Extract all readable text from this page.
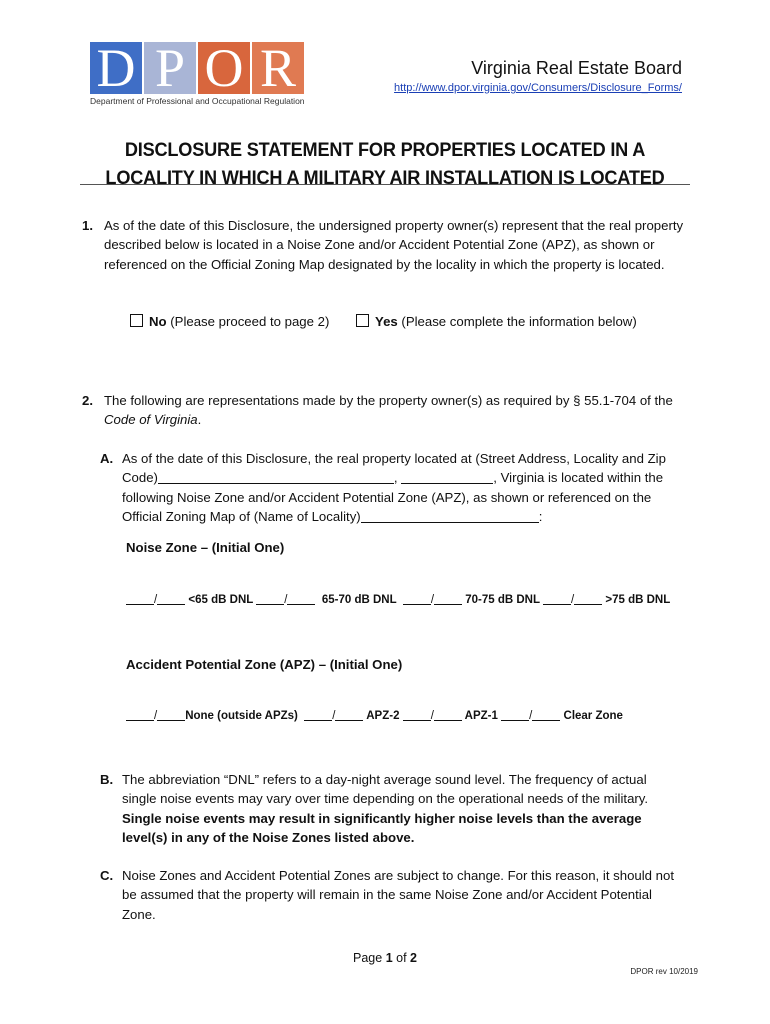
D P O R
Department of Professional and Occupational Regulation
Virginia Real Estate Board
http://www.dpor.virginia.gov/Consumers/Disclosure_Forms/
DISCLOSURE STATEMENT FOR PROPERTIES LOCATED IN A
LOCALITY IN WHICH A MILITARY AIR INSTALLATION IS LOCATED
1. As of the date of this Disclosure, the undersigned property owner(s) represent that the real property described below is located in a Noise Zone and/or Accident Potential Zone (APZ), as shown or referenced on the Official Zoning Map designated by the locality in which the property is located.
No (Please proceed to page 2)	Yes (Please complete the information below)
2. The following are representations made by the property owner(s) as required by § 55.1-704 of the Code of Virginia.
A. As of the date of this Disclosure, the real property located at (Street Address, Locality and Zip Code)	,	, Virginia is located within the following Noise Zone and/or Accident Potential Zone (APZ), as shown or referenced on the Official Zoning Map of (Name of Locality)	:
Noise Zone – (Initial One)
/	<65 dB DNL	/	65-70 dB DNL	/	70-75 dB DNL	/	>75 dB DNL
Accident Potential Zone (APZ) – (Initial One)
/ None (outside APZs)	/	APZ-2	/	APZ-1	/	Clear Zone
B. The abbreviation “DNL” refers to a day-night average sound level. The frequency of actual single noise events may vary over time depending on the operational needs of the military. Single noise events may result in significantly higher noise levels than the average level(s) in any of the Noise Zones listed above.
C. Noise Zones and Accident Potential Zones are subject to change. For this reason, it should not be assumed that the property will remain in the same Noise Zone and/or Accident Potential Zone.
Page 1 of 2
DPOR rev 10/2019
